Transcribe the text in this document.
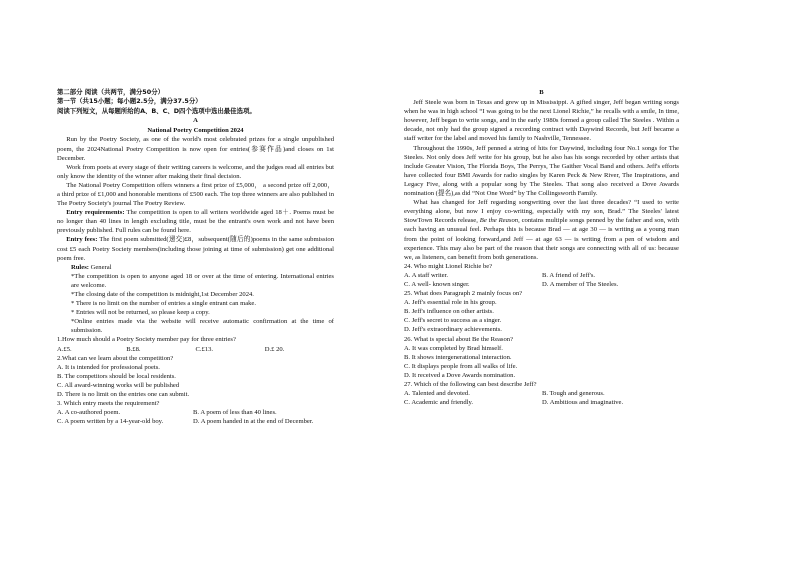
第二部分 阅读（共两节，满分50分）

第一节（共15小题；每小题2.5分，满分37.5分）

阅读下列短文，从每题所给的A、B、C、D四个选项中选出最佳选项。

A

National Poetry Competition 2024

Run by the Poetry Society, as one of the world's most celebrated prizes for a single unpublished poem, the 2024National Poetry Competition is now open for entries(参赛作品)and closes on 1st December.

Work from poets at every stage of their writing careers is welcome, and the judges read all entries but only know the identity of the winner after making their final decision.

The National Poetry Competition offers winners a first prize of £5,000， a second prize off 2,000， a third prize of £1,000 and honorable mentions of £500 each. The top three winners are also published in The Poetry Society's journal The Poetry Review.

Entry requirements: The competition is open to all writers worldwide aged 18＋. Poems must be no longer than 40 lines in length excluding title, must be the entrant's own work and not have been previously published. Full rules can be found here.

Entry fees: The first poem submitted(递交)£8，subsequent(随后的)poems in the same submission cost £5 each Poetry Society members(including those joining at time of submission) get one additional poem free.

Rules: General

*The competition is open to anyone aged 18 or over at the time of entering. International entries are welcome.

*The closing date of the competition is midnight,1st December 2024.

* There is no limit on the number of entries a single entrant can make.

* Entries will not be returned, so please keep a copy.

*Online entries made via the website will receive automatic confirmation at the time of submission.

1.How much should a Poetry Society member pay for three entries?

A.£5.	B.£8.	C.£13.	D.£ 20.

2.What can we learn about the competition?

A. It is intended for professional poets.

B. The competitors should be local residents.

C. All award-winning works will be published

D. There is no limit on the entries one can submit.

3. Which entry meets the requirement?

A. A co-authored poem.	B. A poem of less than 40 lines.
C. A poem written by a 14-year-old boy.	D. A poem handed in at the end of December.

B

Jeff Steele was born in Texas and grew up in Mississippi. A gifted singer, Jeff began writing songs when he was in high school “I was going to be the next Lionel Richie,” he recalls with a smile, In time, however, Jeff began to write songs, and in the early 1980s formed a group called The Steeles . Within a decade, not only had the group signed a recording contract with Daywind Records, but Jeff became a staff writer for the label and moved his family to Nashville, Tennessee.

Throughout the 1990s, Jeff penned a string of hits for Daywind, including four No.1 songs for The Steeles. Not only does Jeff write for his group, but he also has his songs recorded by other artists that include Greater Vision, The Florida Boys, The Perrys, The Gaither Vocal Band and others. Jeff's efforts have collected four BMI Awards for radio singles by Karen Peck & New River, The Inspirations, and Legacy Five, along with a popular song by The Steeles. That song also received a Dove Awards nomination (提名),as did “Not One Word” by The Collingsworth Family.

What has changed for Jeff regarding songwriting over the last three decades? “I used to write everything alone, but now I enjoy co-writing, especially with my son, Brad.” The Steeles' latest StowTown Records release, Be the Reason, contains multiple songs penned by the father and son, with each having an unusual feel. Perhaps this is because Brad — at age 30 — is writing as a young man from the point of looking forward,and Jeff — at age 63 — is writing from a pen of wisdom and experience. This may also be part of the reason that their songs are connecting with all of us: because we, as listeners, can benefit from both generations.

24. Who might Lionel Richie be?

A. A staff writer.	B. A friend of Jeff's.
C. A well- known singer.	D. A member of The Steeles.

25. What does Paragraph 2 mainly focus on?

A. Jeff's essential role in his group.

B. Jeff's influence on other artists.

C. Jeff's secret to success as a singer.

D. Jeff's extraordinary achievements.

26. What is special about Be the Reason?

A. It was completed by Brad himself.

B. It shows intergenerational interaction.

C. It displays people from all walks of life.

D. It received a Dove Awards nomination.

27. Which of the following can best describe Jeff?

A. Talented and devoted.	B. Tough and generous.
C. Academic and friendly.	D. Ambitious and imaginative.
